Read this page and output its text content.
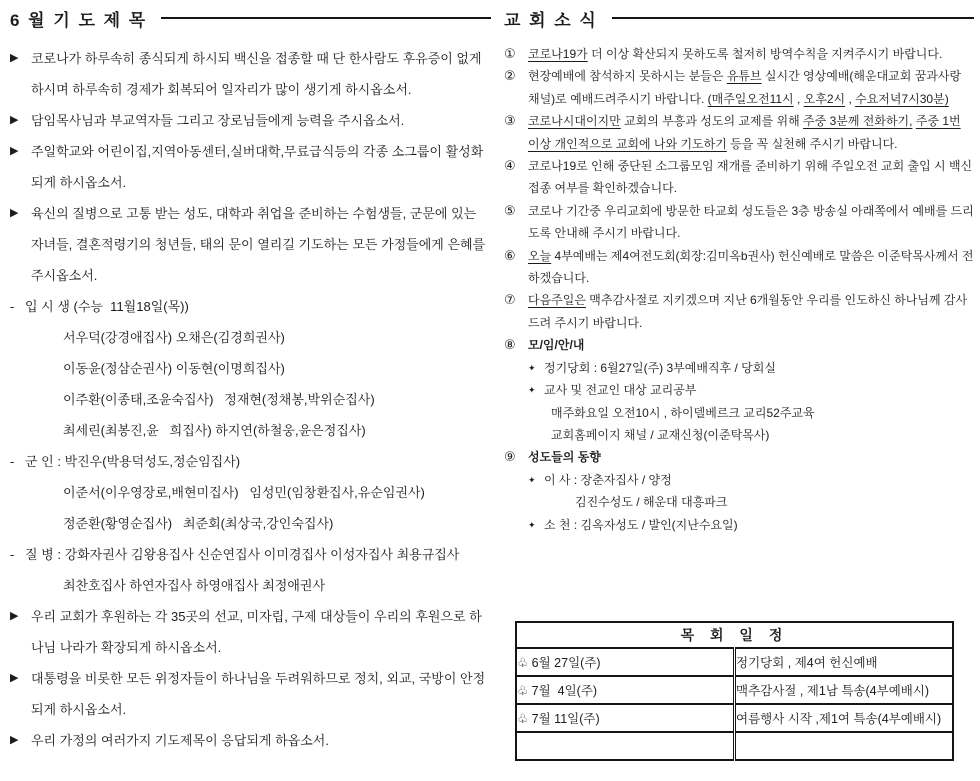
6 월 기 도 제 목
▶ 코로나가 하루속히 종식되게 하시되 백신을 접종할 때 단 한사람도 후유증이 없게하시며 하루속히 경제가 회복되어 일자리가 많이 생기게 하시옵소서.
▶ 담임목사님과 부교역자들 그리고 장로님들에게 능력을 주시옵소서.
▶ 주일학교와 어린이집,지역아동센터,실버대학,무료급식등의 각종 소그룹이 활성화 되게 하시옵소서.
▶ 육신의 질병으로 고통 받는 성도, 대학과 취업을 준비하는 수험생들, 군문에 있는 자녀들, 결혼적령기의 청년들, 태의 문이 열리길 기도하는 모든 가정들에게 은혜를 주시옵소서.
- 입 시 생 (수능  11월18일(목))
서우덕(강경애집사) 오채은(김경희권사)
이동윤(정삼순권사) 이동현(이명희집사)
이주환(이종태,조윤숙집사)   정재현(정채봉,박위순집사)
최세린(최봉진,윤   희집사) 하지연(하철웅,윤은정집사)
- 군 인 : 박진우(박용덕성도,정순임집사)
이준서(이우영장로,배현미집사)   임성민(임창환집사,유순임권사)
정준환(황영순집사)   최준회(최상국,강인숙집사)
- 질 병 : 강화자권사 김왕용집사 신순연집사 이미경집사 이성자집사 최용규집사
최찬호집사 하연자집사 하영애집사 최정애권사
▶ 우리 교회가 후원하는 각 35곳의 선교, 미자립, 구제 대상들이 우리의 후원으로 하나님 나라가 확장되게 하시옵소서.
▶ 대통령을 비롯한 모든 위정자들이 하나님을 두려워하므로 정치, 외교, 국방이 안정되게 하시옵소서.
▶ 우리 가정의 여러가지 기도제목이 응답되게 하옵소서.
교 회 소 식
① 코로나19가 더 이상 확산되지 못하도록 철저히 방역수칙을 지켜주시기 바랍니다.
② 현장예배에 참석하지 못하시는 분들은 유튜브 실시간 영상예배(해운대교회 꿈과사랑 채널)로 예배드려주시기 바랍니다. (매주일오전11시 , 오후2시 , 수요저녁7시30분)
③ 코로나시대이지만 교회의 부흥과 성도의 교제를 위해 주중 3분께 전화하기, 주중 1번 이상 개인적으로 교회에 나와 기도하기 등을 꼭 실천해 주시기 바랍니다.
④ 코로나19로 인해 중단된 소그룹모임 재개를 준비하기 위해 주일오전 교회 출입 시 백신접종 여부를 확인하겠습니다.
⑤ 코로나 기간중 우리교회에 방문한 타교회 성도들은 3층 방송실 아래쪽에서 예배를 드리도록 안내해 주시기 바랍니다.
⑥ 오늘 4부예배는 제4여전도회(회장:김미옥b권사) 헌신예배로 말씀은 이준탁목사께서 전하겠습니다.
⑦ 다음주일은 맥추감사절로 지키겠으며 지난 6개월동안 우리를 인도하신 하나님께 감사 드려 주시기 바랍니다.
⑧ 모/임/안/내
✦ 정기당회 : 6월27일(주) 3부예배직후 / 당회실
✦ 교사 및 전교인 대상 교리공부
매주화요일 오전10시 , 하이델베르크 교리52주교육
교회홈페이지 채널 / 교재신청(이준탁목사)
⑨ 성도들의 동향
✦ 이 사 : 장춘자집사 / 양정
김진수성도 / 해운대 대흥파크
✦ 소 천 : 김옥자성도 / 발인(지난수요일)
목 회 일 정	
♧ 6월 27일(주)	정기당회 , 제4여 헌신예배
♧ 7월  4일(주)	맥추감사절 , 제1남 특송(4부예배시)
♧ 7월 11일(주)	여름행사 시작 ,제1여 특송(4부예배시)
